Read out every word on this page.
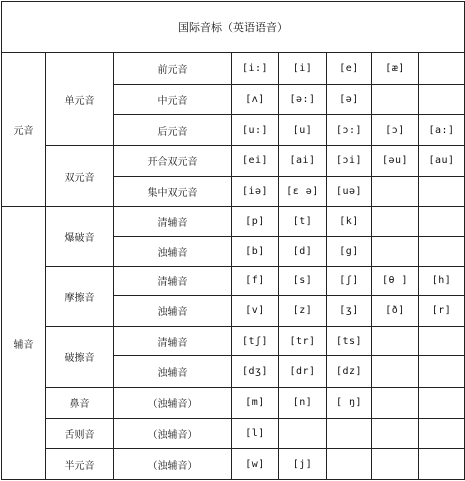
国际音标（英语语音）							
元音	单元音	前元音	[i:]	[i]	[e]	[æ]	
		中元音	[ʌ]	[ə:]	[ə]		
		后元音	[u:]	[u]	[ɔ:]	[ɔ]	[a:]
	双元音	开合双元音	[ei]	[ai]	[ɔi]	[əu]	[au]
		集中双元音	[iə]	[ɛ ə]	[uə]		
辅音	爆破音	清辅音	[p]	[t]	[k]		
		浊辅音	[b]	[d]	[g]		
	摩擦音	清辅音	[f]	[s]	[ʃ]	[θ ]	[h]
		浊辅音	[v]	[z]	[ʒ]	[ð]	[r]
	破擦音	清辅音	[tʃ]	[tr]	[ts]		
		浊辅音	[dʒ]	[dr]	[dz]		
	鼻音	（浊辅音）	[m]	[n]	[ ŋ]		
	舌则音	（浊辅音）	[l]				
	半元音	（浊辅音）	[w]	[j]			
